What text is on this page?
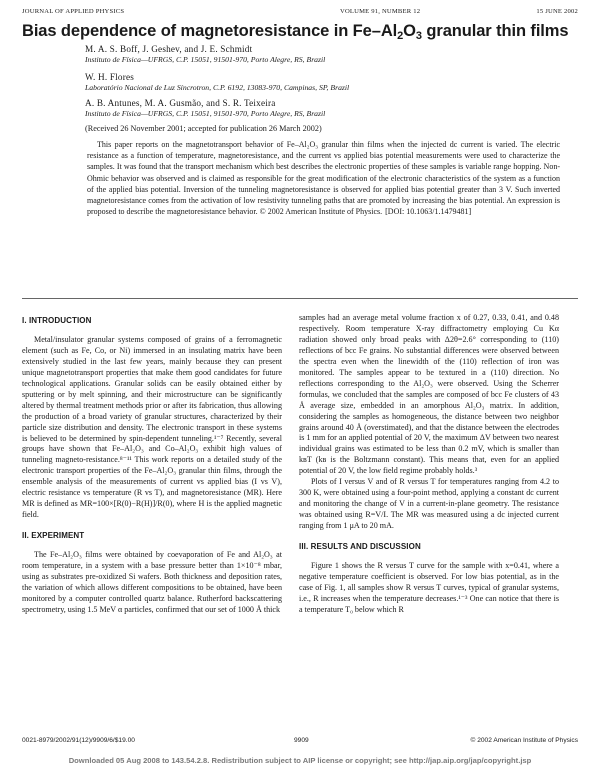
JOURNAL OF APPLIED PHYSICS	VOLUME 91, NUMBER 12	15 JUNE 2002
Bias dependence of magnetoresistance in $Fe-Al_2O_3$ granular thin films
M. A. S. Boff, J. Geshev, and J. E. Schmidt
Instituto de Física—UFRGS, C.P. 15051, 91501-970, Porto Alegre, RS, Brazil
W. H. Flores
Laboratório Nacional de Luz Síncrotron, C.P. 6192, 13083-970, Campinas, SP, Brazil
A. B. Antunes, M. A. Gusmão, and S. R. Teixeira
Instituto de Física—UFRGS, C.P. 15051, 91501-970, Porto Alegre, RS, Brazil
(Received 26 November 2001; accepted for publication 26 March 2002)
This paper reports on the magnetotransport behavior of Fe–Al₂O₃ granular thin films when the injected dc current is varied. The electric resistance as a function of temperature, magnetoresistance, and the current vs applied bias potential measurements were used to characterize the samples. It was found that the transport mechanism which best describes the electronic properties of these samples is variable range hopping. Non-Ohmic behavior was observed and is claimed as responsible for the great modification of the electronic characteristics of the system as a function of the applied bias potential. Inversion of the tunneling magnetoresistance is observed for applied bias potential greater than 3 V. Such inverted magnetoresistance comes from the activation of low resistivity tunneling paths that are promoted by increasing the bias potential. An expression is proposed to describe the magnetoresistance behavior. © 2002 American Institute of Physics. [DOI: 10.1063/1.1479481]
I. INTRODUCTION

Metal/insulator granular systems composed of grains of a ferromagnetic element (such as Fe, Co, or Ni) immersed in an insulating matrix have been extensively studied in the last few years, mainly because they can present unique magnetotransport properties that make them good candidates for future technological applications. Granular solids can be easily obtained either by sputtering or by melt spinning, and their microstructure can be significantly altered by thermal treatment methods prior or after its fabrication, thus allowing the production of a broad variety of granular structures, characterized by their particle size distribution and density. The electronic transport in these systems is believed to be determined by spin-dependent tunneling.¹⁻⁷ Recently, several groups have shown that Fe–Al₂O₃ and Co–Al₂O₃ exhibit high values of tunneling magneto-resistance.⁸⁻¹¹ This work reports on a detailed study of the electronic transport properties of the Fe–Al₂O₃ granular thin films, through the ensemble analysis of the measurements of current vs applied bias (I vs V), electric resistance vs temperature (R vs T), and magnetoresistance (MR). Here MR is defined as MR=100×[R(0)−R(H)]/R(0), where H is the applied magnetic field.

II. EXPERIMENT

The Fe–Al₂O₃ films were obtained by coevaporation of Fe and Al₂O₃ at room temperature, in a system with a base pressure better than 1×10⁻⁸ mbar, using as substrates pre-oxidized Si wafers. Both thickness and deposition rates, the variation of which allows different compositions to be obtained, have been monitored by a computer controlled quartz balance. Rutherford backscattering spectrometry, using 1.5 MeV α particles, confirmed that our set of 1000 Å thick

samples had an average metal volume fraction x of 0.27, 0.33, 0.41, and 0.48 respectively. Room temperature X-ray diffractometry employing Cu Kα radiation showed only broad peaks with Δ2θ=2.6° corresponding to (110) reflections of bcc Fe grains. No substantial differences were observed between the spectra even when the linewidth of the (110) reflection of iron was monitored. The samples appear to be textured in a (110) direction. No reflections corresponding to the Al₂O₃ were observed. Using the Scherrer formulas, we concluded that the samples are composed of bcc Fe clusters of 43 Å average size, embedded in an amorphous Al₂O₃ matrix. In addition, considering the samples as homogeneous, the distance between two neighbor grains around 40 Å (overstimated), and that the distance between the electrodes is 1 mm for an applied potential of 20 V, the maximum ΔV between two nearest individual grains was estimated to be less than 0.2 mV, which is smaller than kʙT (kʙ is the Boltzmann constant). This means that, even for an applied potential of 20 V, the low field regime probably holds.³

Plots of I versus V and of R versus T for temperatures ranging from 4.2 to 300 K, were obtained using a four-point method, applying a constant dc current and monitoring the change of V in a current-in-plane geometry. The resistance was obtained using R=V/I. The MR was measured using a dc injected current ranging from 1 μA to 20 mA.

III. RESULTS AND DISCUSSION

Figure 1 shows the R versus T curve for the sample with x=0.41, where a negative temperature coefficient is observed. For low bias potential, as in the case of Fig. 1, all samples show R versus T curves, typical of granular systems, i.e., R increases when the temperature decreases.¹⁻³ One can notice that there is a temperature T₀ below which R

0021-8979/2002/91(12)/9909/6/$19.00	9909	© 2002 American Institute of Physics
Downloaded 05 Aug 2008 to 143.54.2.8. Redistribution subject to AIP license or copyright; see http://jap.aip.org/jap/copyright.jsp
